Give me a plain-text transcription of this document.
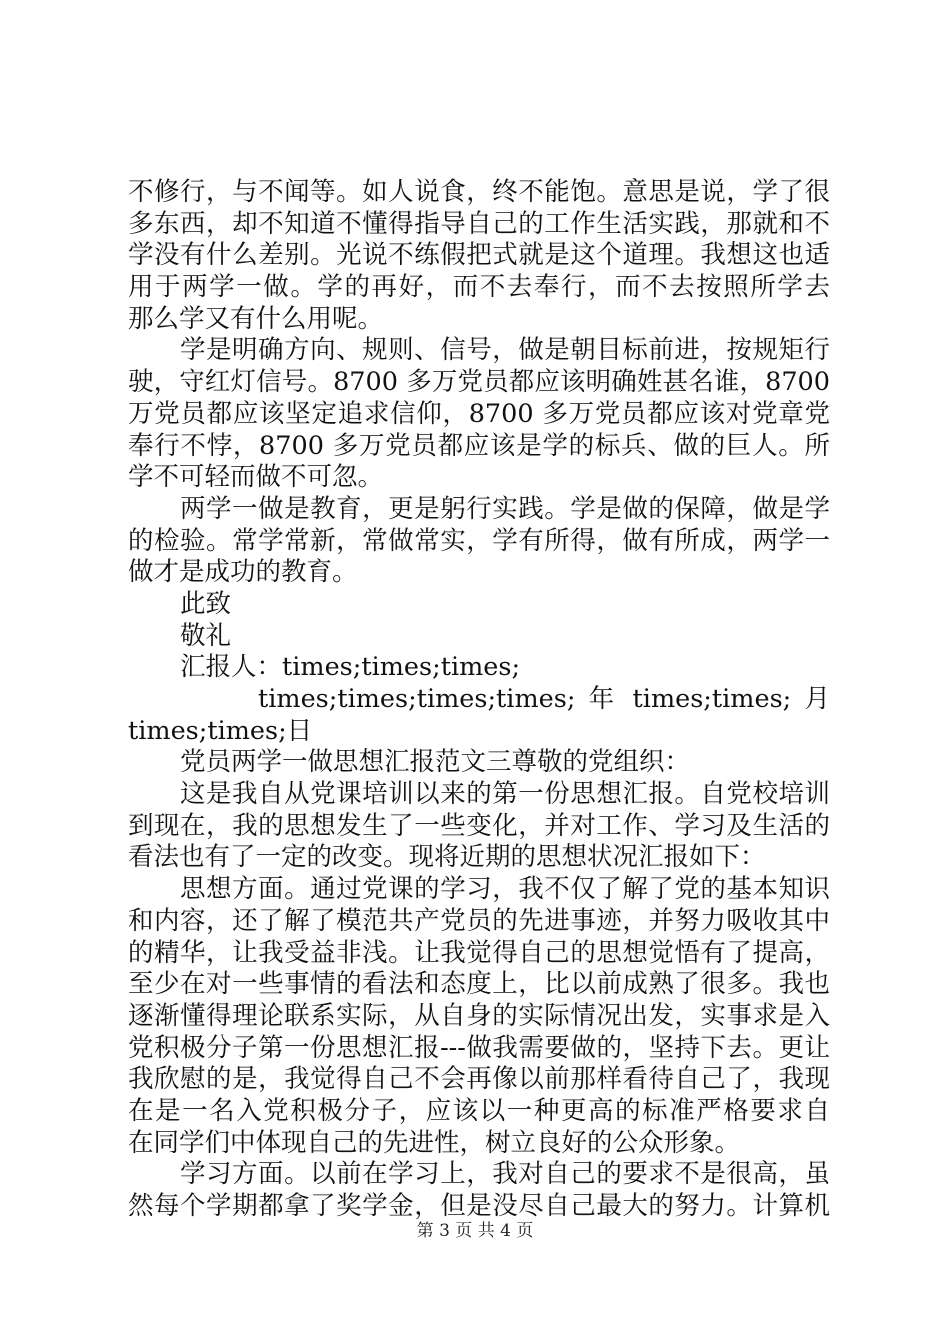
不修行，与不闻等。如人说食，终不能饱。意思是说，学了很
多东西，却不知道不懂得指导自己的工作生活实践，那就和不
学没有什么差别。光说不练假把式就是这个道理。我想这也适
用于两学一做。学的再好，而不去奉行，而不去按照所学去
那么学又有什么用呢。
学是明确方向、规则、信号，做是朝目标前进，按规矩行
驶，守红灯信号。8700 多万党员都应该明确姓甚名谁，8700
万党员都应该坚定追求信仰，8700 多万党员都应该对党章党
奉行不悖，8700 多万党员都应该是学的标兵、做的巨人。所
学不可轻而做不可忽。
两学一做是教育，更是躬行实践。学是做的保障，做是学
的检验。常学常新，常做常实，学有所得，做有所成，两学一
做才是成功的教育。
此致
敬礼
汇报人：times;times;times;
times;times;times;times; 年 times;times; 月
times;times;日
党员两学一做思想汇报范文三尊敬的党组织：
这是我自从党课培训以来的第一份思想汇报。自党校培训
到现在，我的思想发生了一些变化，并对工作、学习及生活的
看法也有了一定的改变。现将近期的思想状况汇报如下：
思想方面。通过党课的学习，我不仅了解了党的基本知识
和内容，还了解了模范共产党员的先进事迹，并努力吸收其中
的精华，让我受益非浅。让我觉得自己的思想觉悟有了提高，
至少在对一些事情的看法和态度上，比以前成熟了很多。我也
逐渐懂得理论联系实际，从自身的实际情况出发，实事求是入
党积极分子第一份思想汇报---做我需要做的，坚持下去。更让
我欣慰的是，我觉得自己不会再像以前那样看待自己了，我现
在是一名入党积极分子，应该以一种更高的标准严格要求自
在同学们中体现自己的先进性，树立良好的公众形象。
学习方面。以前在学习上，我对自己的要求不是很高，虽
然每个学期都拿了奖学金，但是没尽自己最大的努力。计算机
第 3 页 共 4 页
